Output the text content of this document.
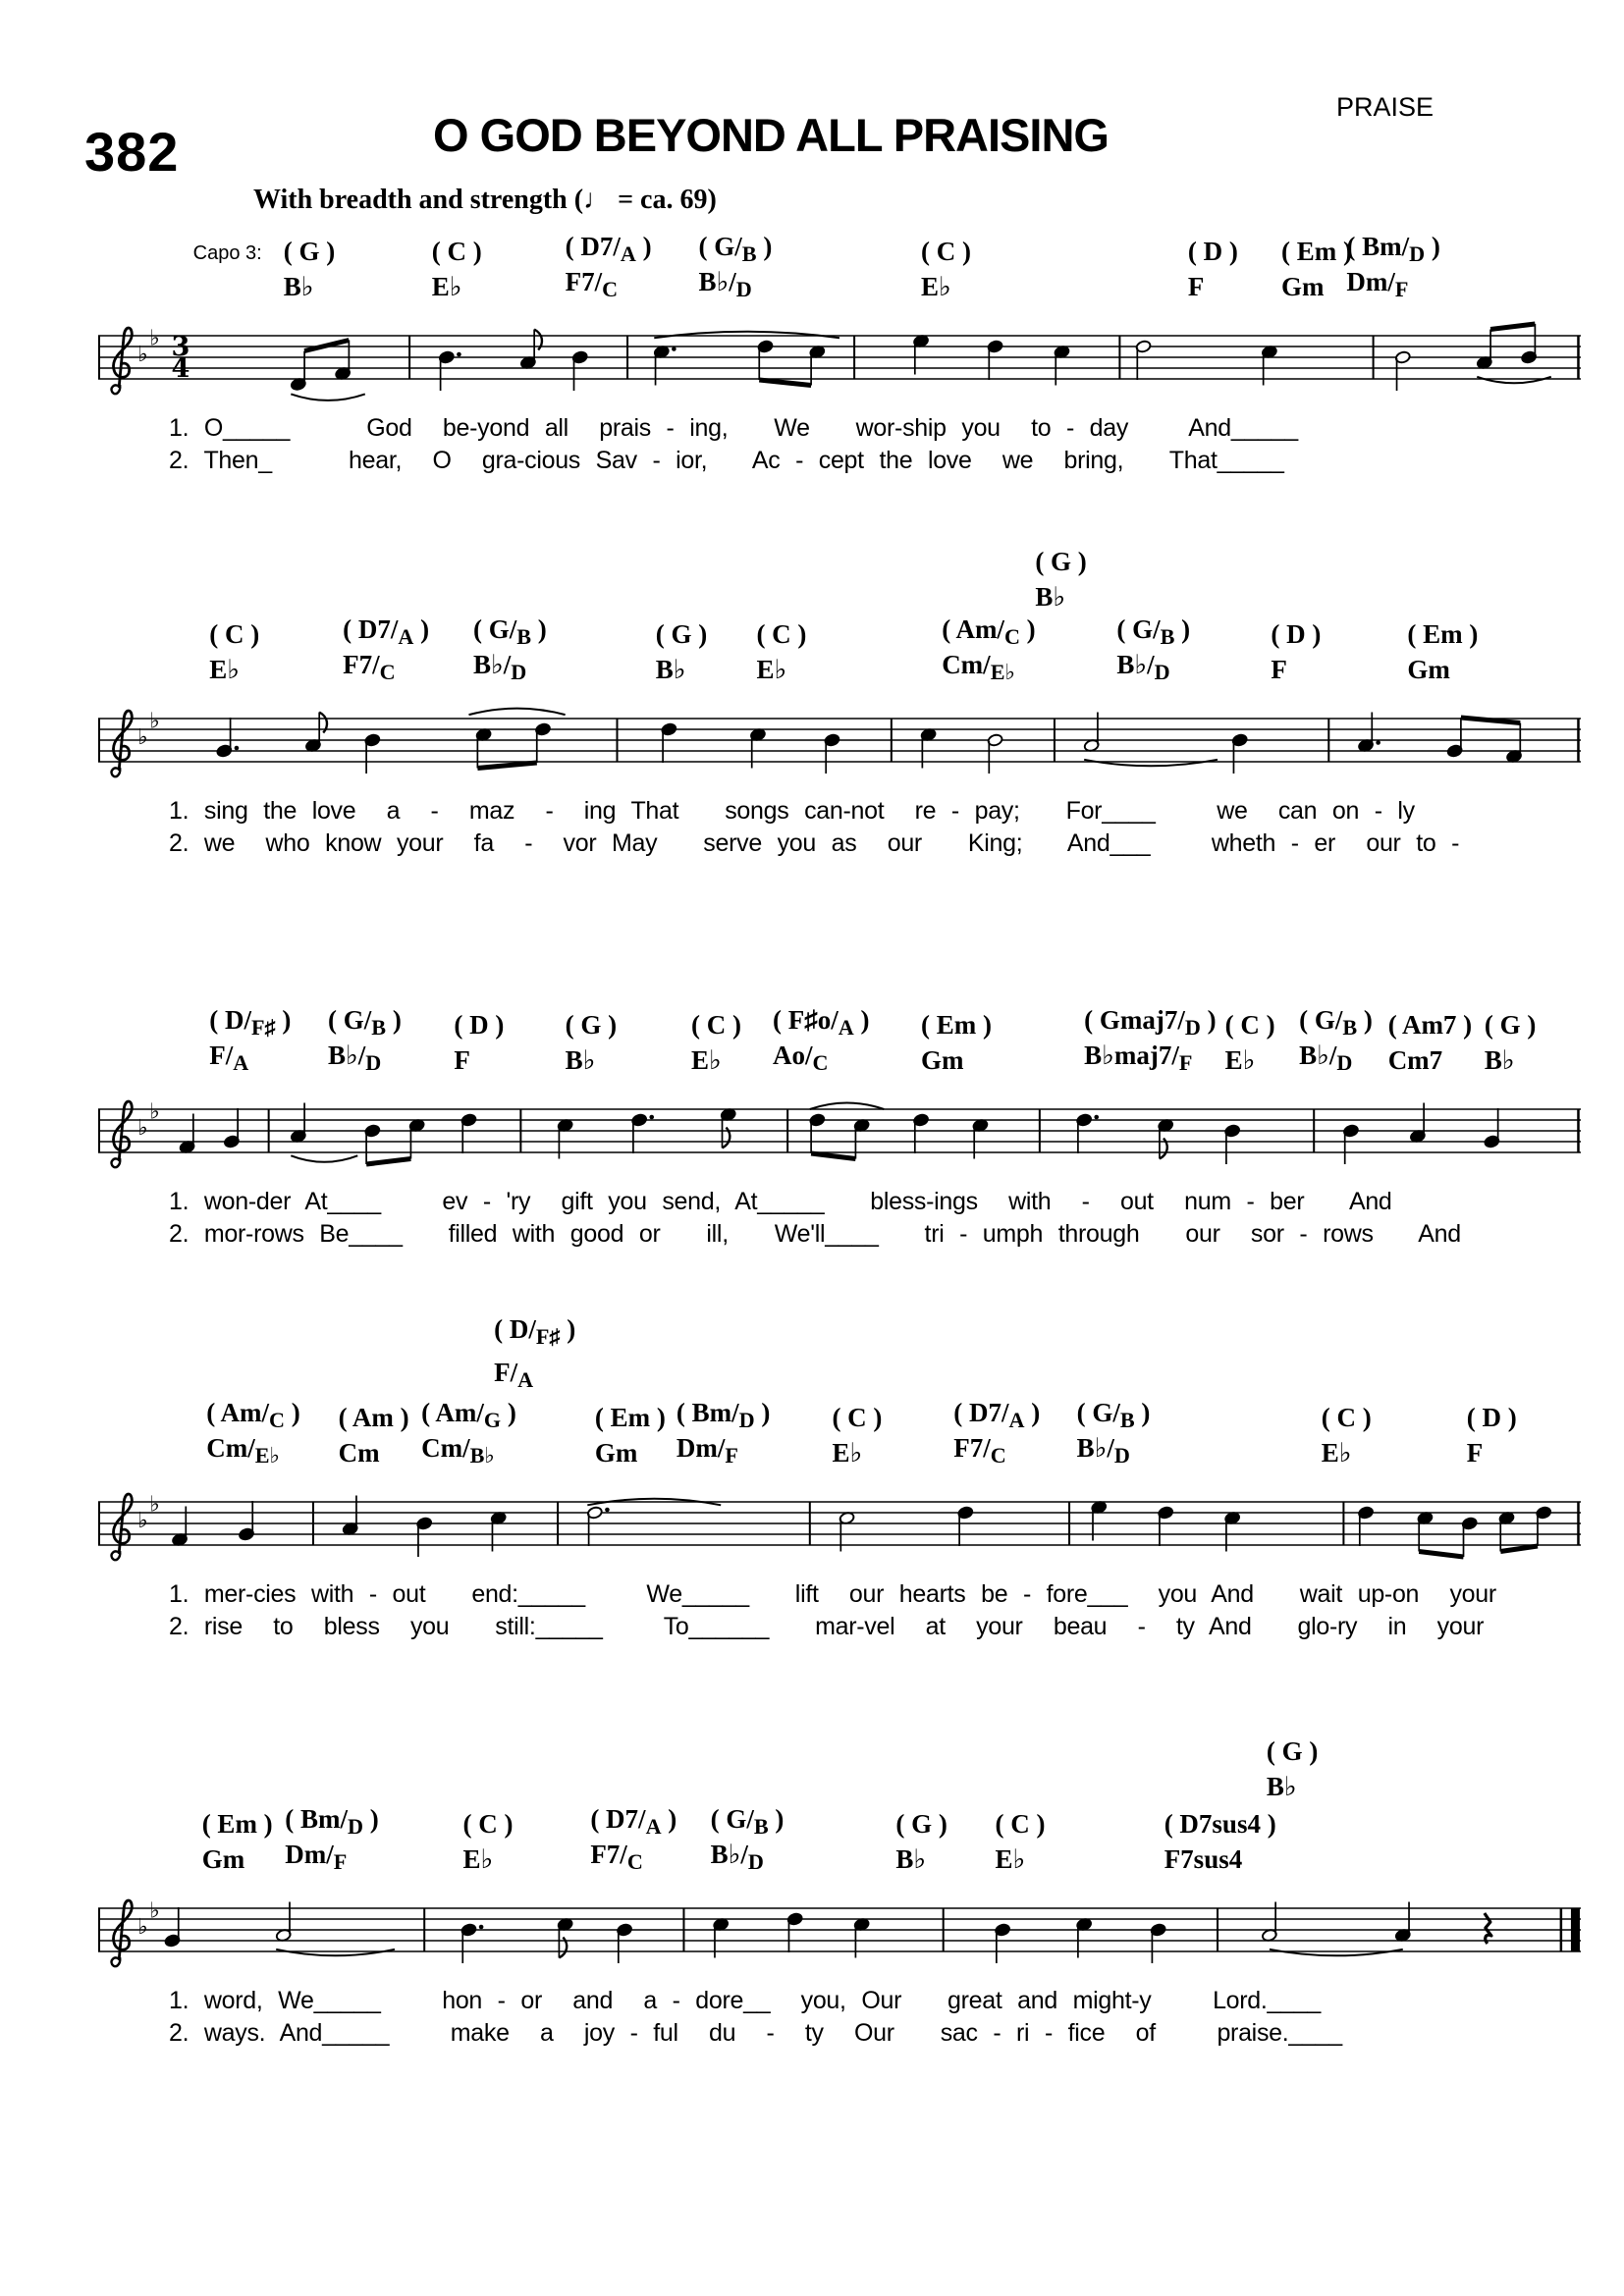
382	O GOD BEYOND ALL PRAISING
PRAISE
With breadth and strength (♩ = ca. 69)
Capo 3: ( G )	( C )	( $D7/_A$ ) ( $G/_B$ )	( C )	( D ) ( Em )
( $Bm/_D$ )
B♭	E♭	$F7/_C$	$B♭/_D$	E♭	F	Gm $Dm/_F$
♭
♭ 3
4
1. O_____     God  be-yond all  prais - ing,   We   wor-ship you  to - day    And_____
2. Then_     hear,  O  gra-cious Sav - ior,   Ac - cept the love  we  bring,   That_____
( G )
B♭
( C )	( $D7/_A$ ) ( $G/_B$ )	( G ) ( C )	( $Am/_C$ )	( $G/_B$ )	( D )	( Em )
E♭	$F7/_C$	$B♭/_D$	B♭	E♭	$Cm/_{E♭}$	$B♭/_D$	F	Gm
♭
♭
1. sing the love  a  -  maz  -  ing That   songs can-not  re - pay;   For____    we  can on - ly
2. we  who know your  fa  -  vor May   serve you as  our   King;   And___    wheth - er  our to -
( $D/_{F♯}$ ) ( $G/_B$ ) ( D ) ( G )	( C ) ( $F♯o/_A$ ) ( Em )	( $Gmaj7/_D$ ) ( C ) ( $G/_B$ ) ( Am7 ) ( G )
$F/_A$	$B♭/_D$	F	B♭	E♭ $Ao/_C$	Gm	$B♭maj7/_F$ E♭ $B♭/_D$ Cm7 B♭
♭
♭
1. won-der At____    ev - 'ry  gift you send, At_____   bless-ings  with  -  out  num - ber   And
2. mor-rows Be____   filled with good or   ill,   We'll____   tri - umph through   our  sor - rows   And
( $D/_{F♯}$ )
$F/_A$
( $Am/_C$ ) ( Am ) ( $Am/_G$ )	( Em ) ( $Bm/_D$ ) ( C )	( $D7/_A$ ) ( $G/_B$ )	( C )	( D )
$Cm/_{E♭}$ Cm $Cm/_{B♭}$	Gm $Dm/_F$	E♭	$F7/_C$	$B♭/_D$	E♭	F
♭
♭
1. mer-cies with - out   end:_____    We_____   lift  our hearts be - fore___  you And   wait up-on  your
2. rise  to  bless  you   still:_____    To______   mar-vel  at  your  beau  -  ty And   glo-ry  in  your
( G )
B♭
( Em ) ( $Bm/_D$ )	( C )	( $D7/_A$ ) ( $G/_B$ )	( G ) ( C )	( D7sus4 )
Gm $Dm/_F$	E♭	$F7/_C$	$B♭/_D$	B♭	E♭	F7sus4
♭
♭
1. word, We_____    hon - or  and  a - dore__  you, Our   great and might-y    Lord.____
2. ways. And_____    make  a  joy - ful  du  -  ty  Our   sac - ri - fice  of    praise.____
